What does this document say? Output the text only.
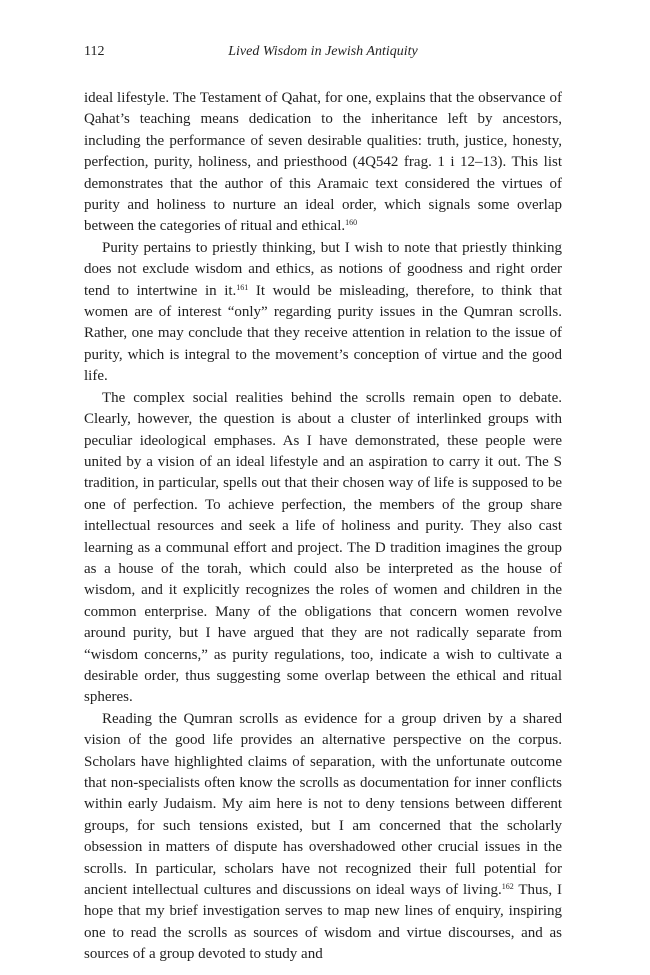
112	Lived Wisdom in Jewish Antiquity

ideal lifestyle. The Testament of Qahat, for one, explains that the observance of Qahat’s teaching means dedication to the inheritance left by ancestors, including the performance of seven desirable qualities: truth, justice, honesty, perfection, purity, holiness, and priesthood (4Q542 frag. 1 i 12–13). This list demonstrates that the author of this Aramaic text considered the virtues of purity and holiness to nurture an ideal order, which signals some overlap between the categories of ritual and ethical.$^{160}$

Purity pertains to priestly thinking, but I wish to note that priestly thinking does not exclude wisdom and ethics, as notions of goodness and right order tend to intertwine in it.$^{161}$ It would be misleading, therefore, to think that women are of interest “only” regarding purity issues in the Qumran scrolls. Rather, one may conclude that they receive attention in relation to the issue of purity, which is integral to the movement’s conception of virtue and the good life.

The complex social realities behind the scrolls remain open to debate. Clearly, however, the question is about a cluster of interlinked groups with peculiar ideological emphases. As I have demonstrated, these people were united by a vision of an ideal lifestyle and an aspiration to carry it out. The S tradition, in particular, spells out that their chosen way of life is supposed to be one of perfection. To achieve perfection, the members of the group share intellectual resources and seek a life of holiness and purity. They also cast learning as a communal effort and project. The D tradition imagines the group as a house of the torah, which could also be interpreted as the house of wisdom, and it explicitly recognizes the roles of women and children in the common enterprise. Many of the obligations that concern women revolve around purity, but I have argued that they are not radically separate from “wisdom concerns,” as purity regulations, too, indicate a wish to cultivate a desirable order, thus suggesting some overlap between the ethical and ritual spheres.

Reading the Qumran scrolls as evidence for a group driven by a shared vision of the good life provides an alternative perspective on the corpus. Scholars have highlighted claims of separation, with the unfortunate outcome that non-specialists often know the scrolls as documentation for inner conflicts within early Judaism. My aim here is not to deny tensions between different groups, for such tensions existed, but I am concerned that the scholarly obsession in matters of dispute has overshadowed other crucial issues in the scrolls. In particular, scholars have not recognized their full potential for ancient intellectual cultures and discussions on ideal ways of living.$^{162}$ Thus, I hope that my brief investigation serves to map new lines of enquiry, inspiring one to read the scrolls as sources of wisdom and virtue discourses, and as sources of a group devoted to study and
